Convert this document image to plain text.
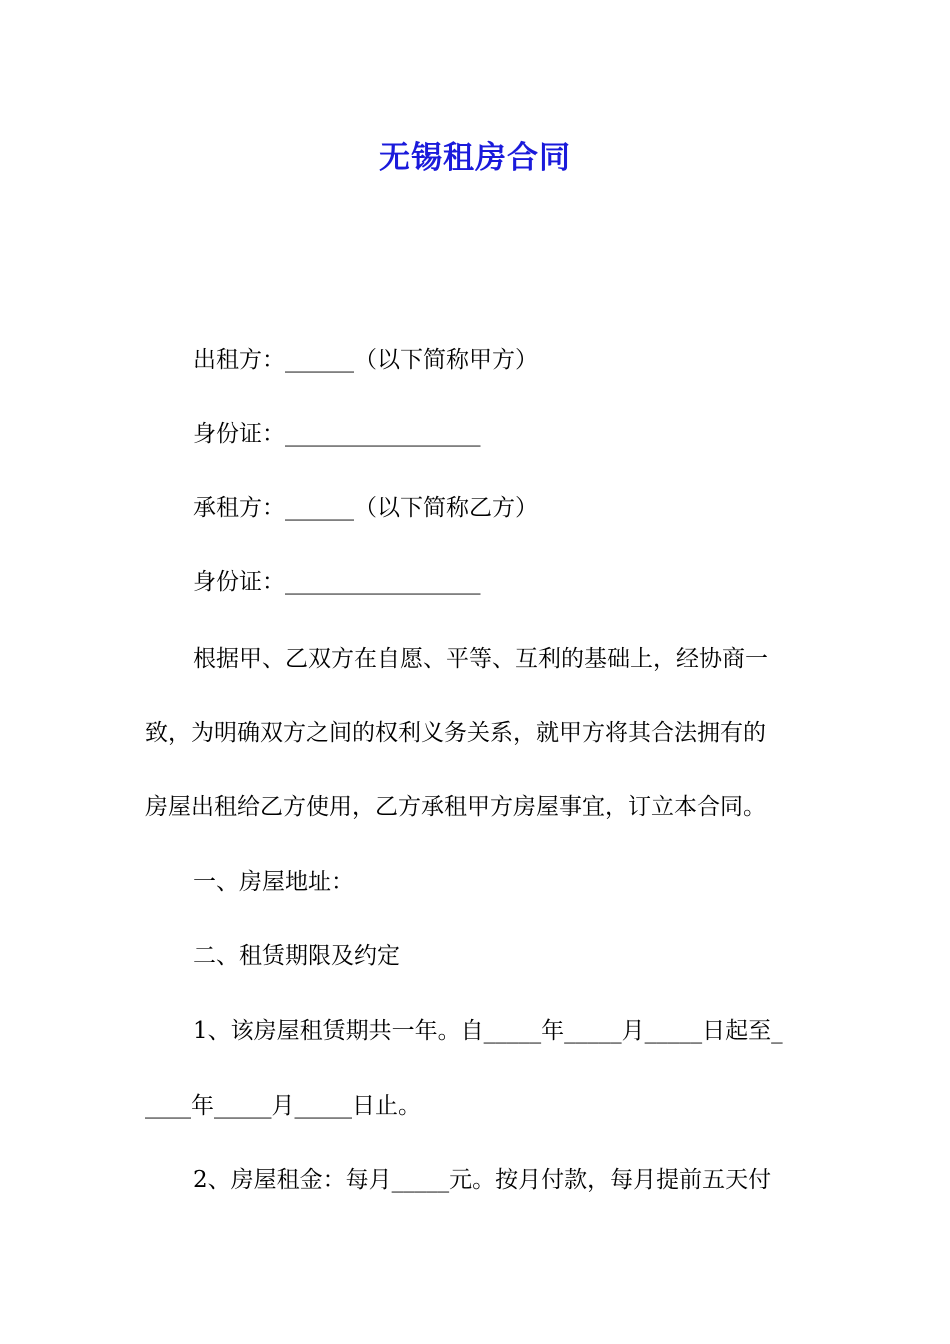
无锡租房合同
出租方：______（以下简称甲方）
身份证：_________________
承租方：______（以下简称乙方）
身份证：_________________
根据甲、乙双方在自愿、平等、互利的基础上，经协商一
致，为明确双方之间的权利义务关系，就甲方将其合法拥有的
房屋出租给乙方使用，乙方承租甲方房屋事宜，订立本合同。
一、房屋地址：
二、租赁期限及约定
1、该房屋租赁期共一年。自_____年_____月_____日起至_
____年_____月_____日止。
2、房屋租金：每月_____元。按月付款，每月提前五天付
